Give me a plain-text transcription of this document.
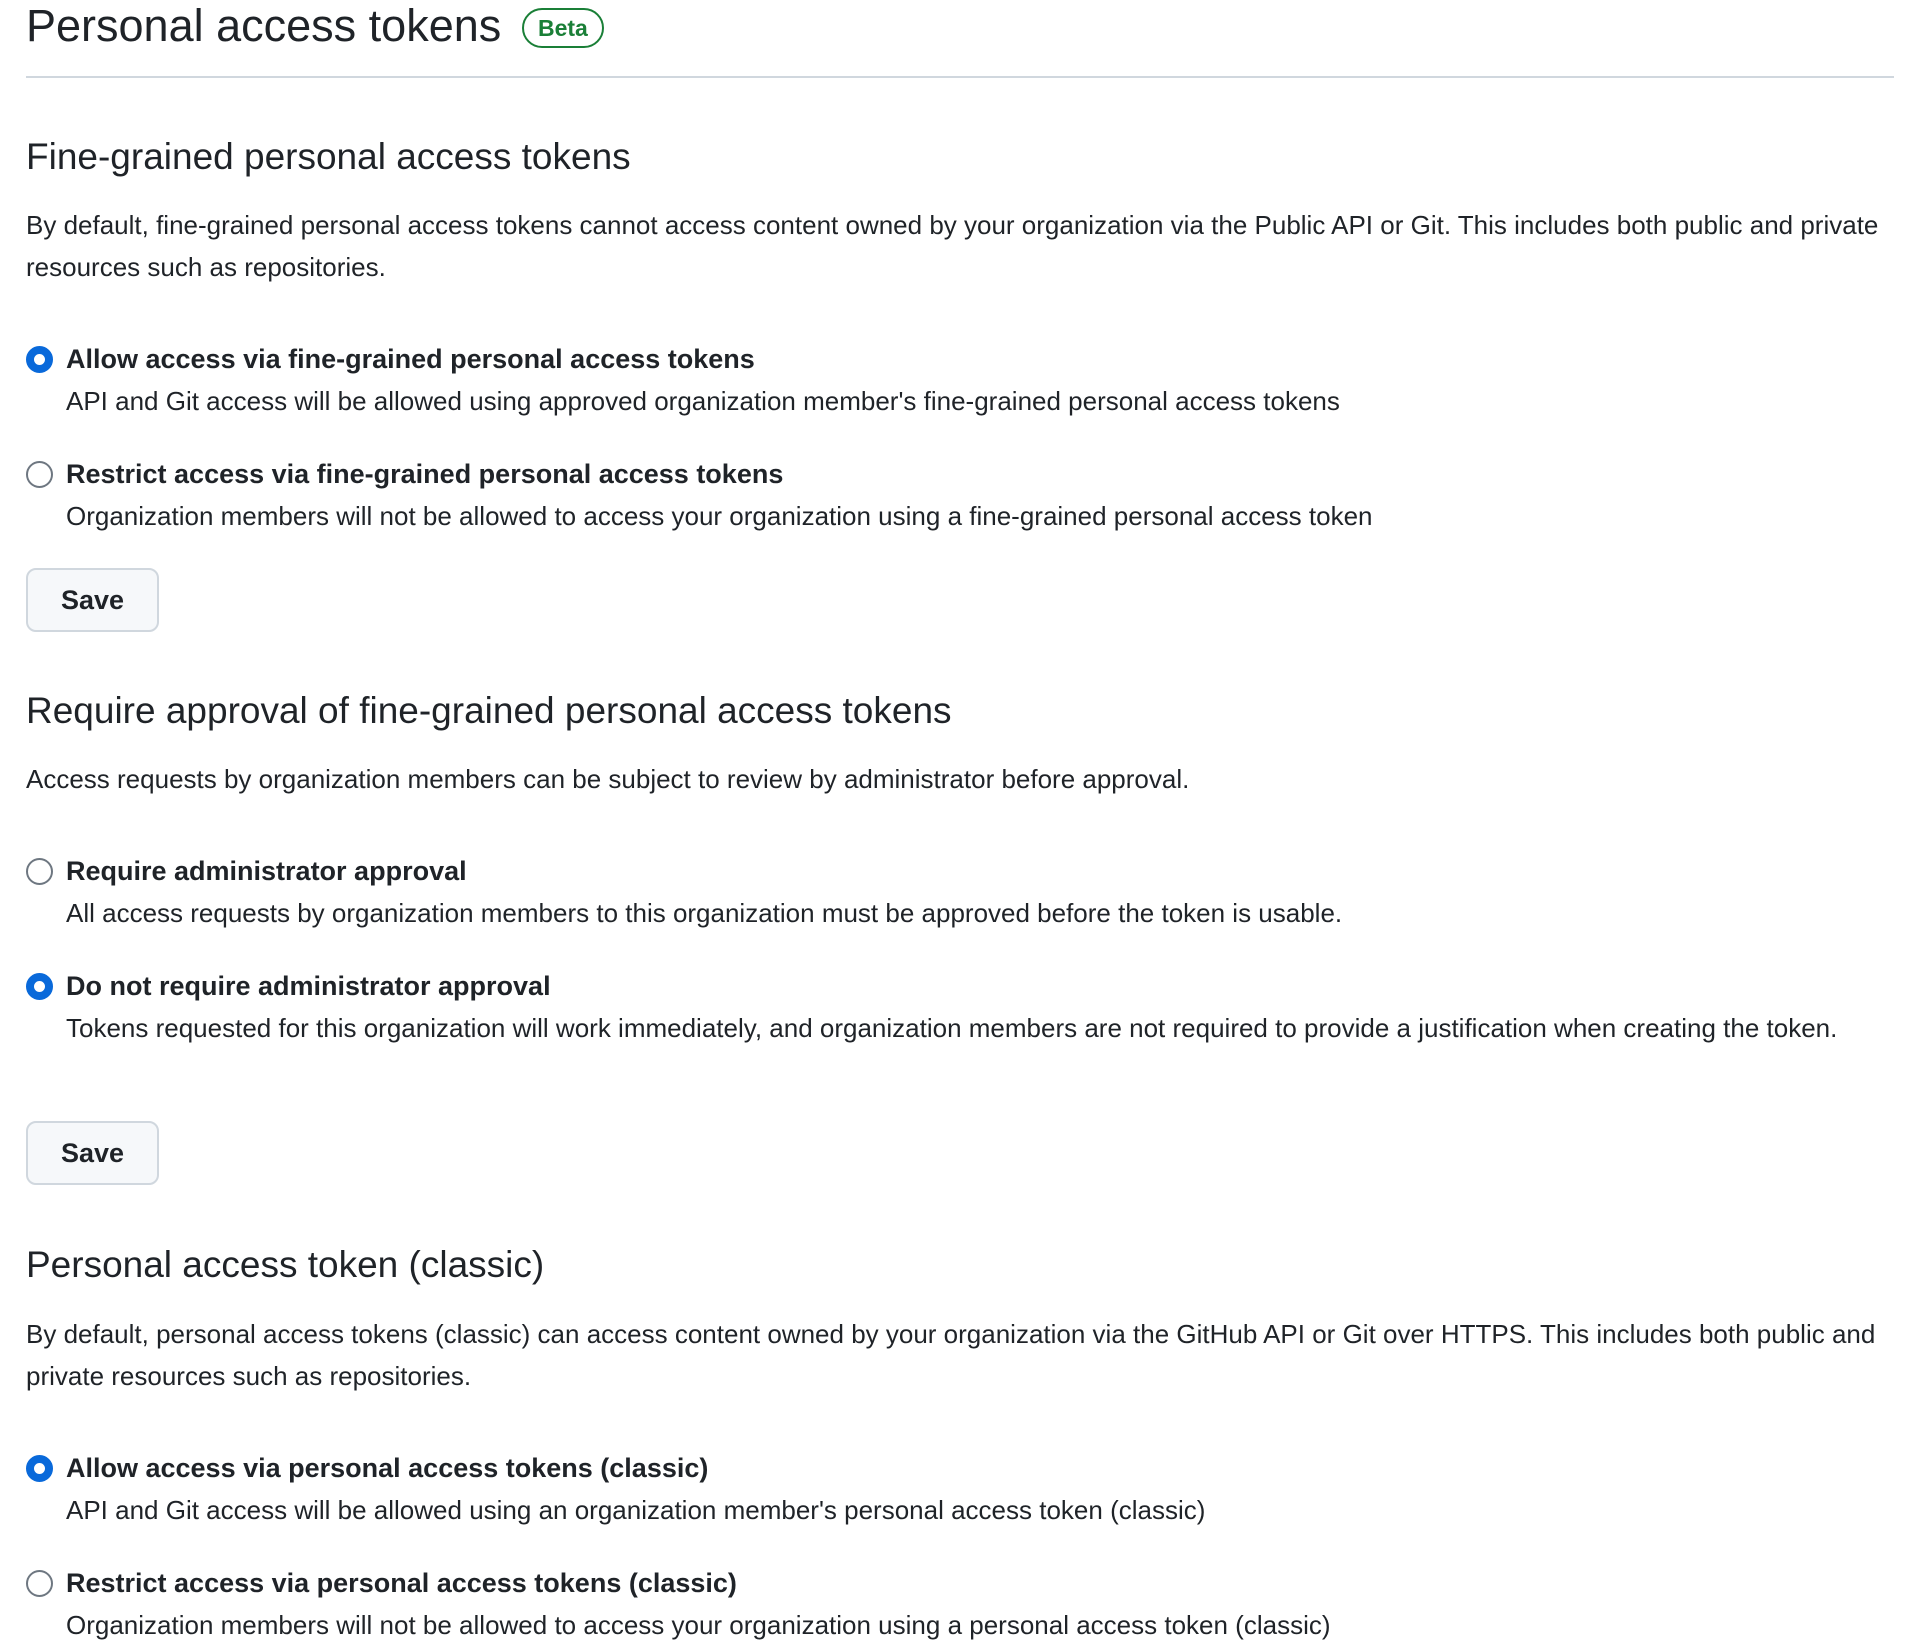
Personal access tokens	Beta
Fine-grained personal access tokens
By default, fine-grained personal access tokens cannot access content owned by your organization via the Public API or Git. This includes both public and private resources such as repositories.
Allow access via fine-grained personal access tokens
API and Git access will be allowed using approved organization member's fine-grained personal access tokens
Restrict access via fine-grained personal access tokens
Organization members will not be allowed to access your organization using a fine-grained personal access token
Save
Require approval of fine-grained personal access tokens
Access requests by organization members can be subject to review by administrator before approval.
Require administrator approval
All access requests by organization members to this organization must be approved before the token is usable.
Do not require administrator approval
Tokens requested for this organization will work immediately, and organization members are not required to provide a justification when creating the token.
Save
Personal access token (classic)
By default, personal access tokens (classic) can access content owned by your organization via the GitHub API or Git over HTTPS. This includes both public and private resources such as repositories.
Allow access via personal access tokens (classic)
API and Git access will be allowed using an organization member's personal access token (classic)
Restrict access via personal access tokens (classic)
Organization members will not be allowed to access your organization using a personal access token (classic)
